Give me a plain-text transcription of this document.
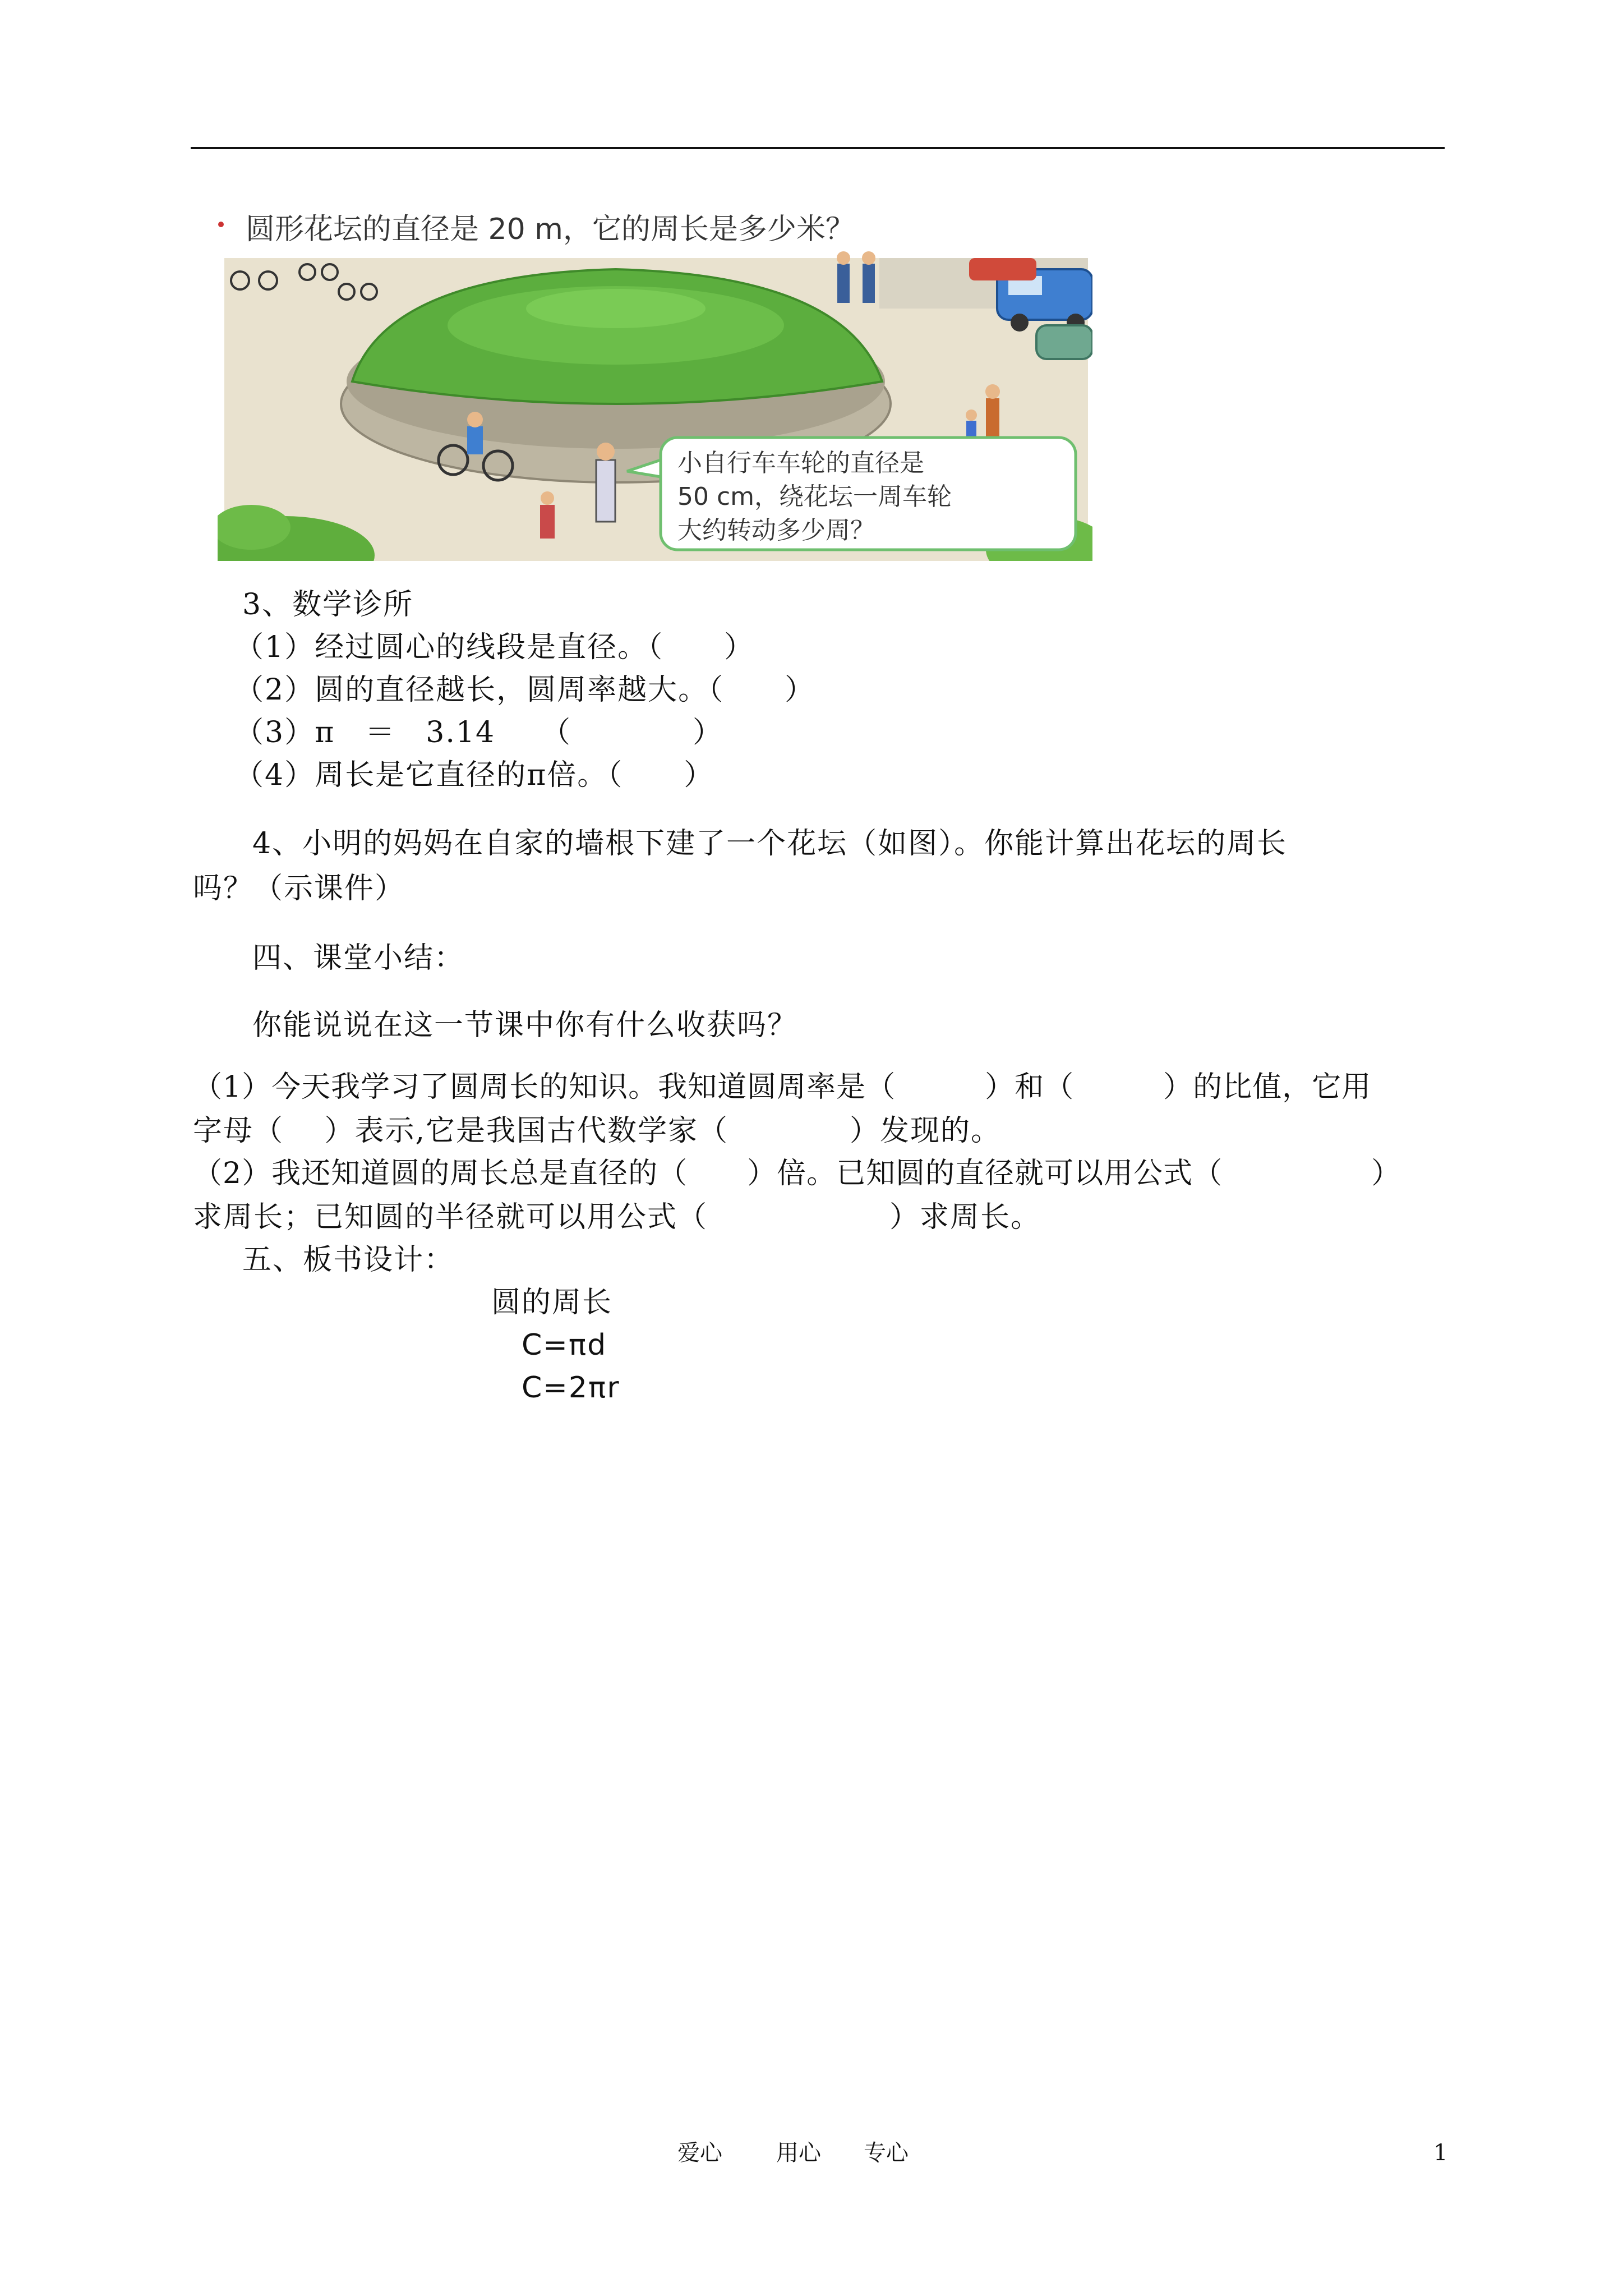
圆形花坛的直径是 20 m，它的周长是多少米？
小自行车车轮的直径是
50 cm，绕花坛一周车轮
大约转动多少周？
3、数学诊所
（1）经过圆心的线段是直径。（　　）
（2）圆的直径越长，圆周率越大。（　　）
（3）π　＝　3.14　　（　　　　）
（4）周长是它直径的π倍。（　　）
4、小明的妈妈在自家的墙根下建了一个花坛（如图）。你能计算出花坛的周长
吗？（示课件）
四、课堂小结：
你能说说在这一节课中你有什么收获吗？
（1）今天我学习了圆周长的知识。我知道圆周率是（　　　）和（　　　）的比值，它用
字母（　 ）表示,它是我国古代数学家（　　　　）发现的。
（2）我还知道圆的周长总是直径的（　　）倍。已知圆的直径就可以用公式（　　　　　）
求周长；已知圆的半径就可以用公式（　　　　　　）求周长。
五、板书设计：
圆的周长
C=πd
C=2πr
爱心 用心 专心	1
